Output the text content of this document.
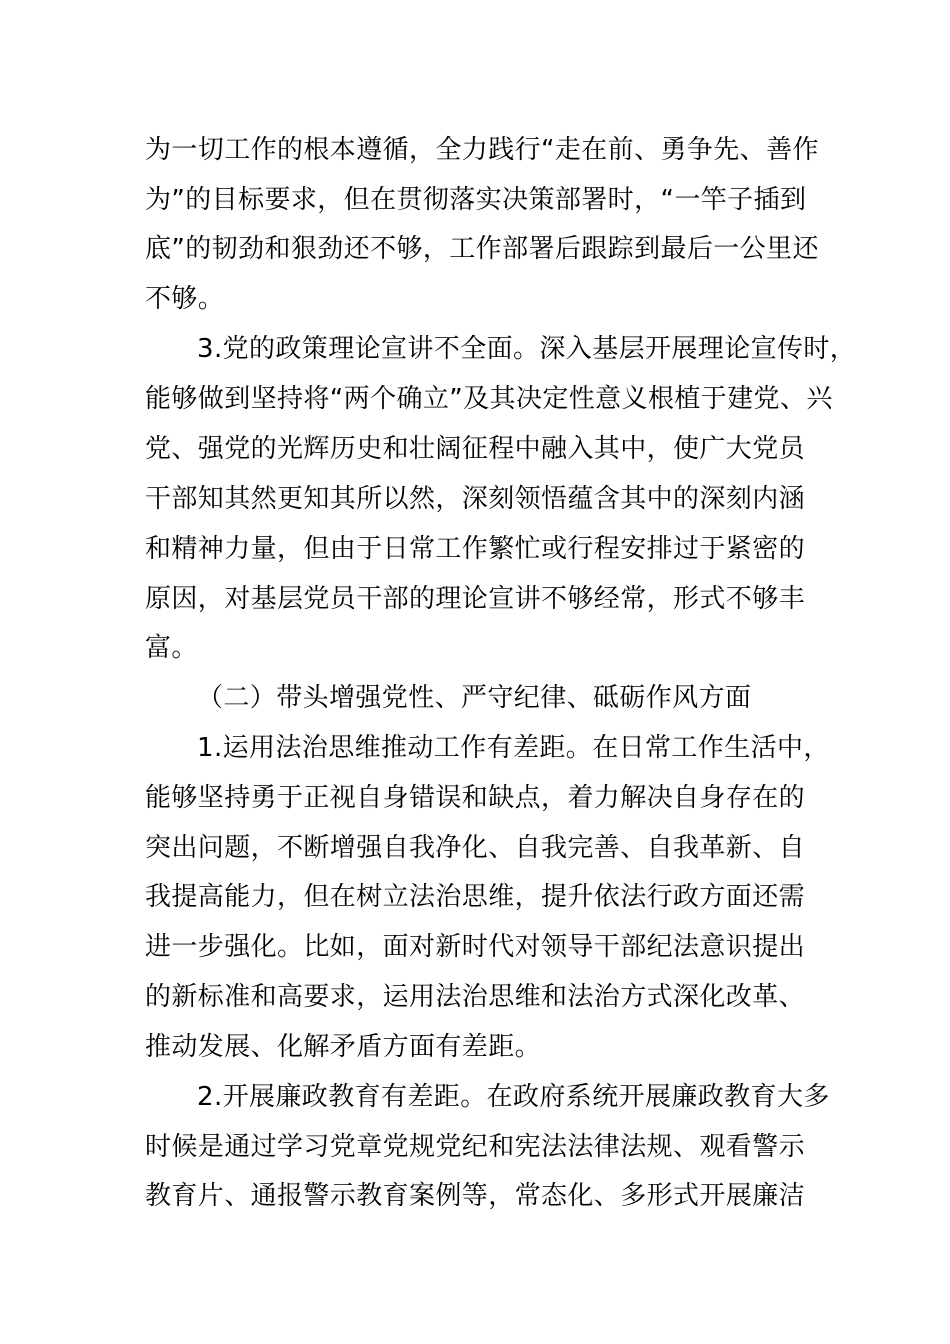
为一切工作的根本遵循，全力践行“走在前、勇争先、善作
为”的目标要求，但在贯彻落实决策部署时，“一竿子插到
底”的韧劲和狠劲还不够，工作部署后跟踪到最后一公里还
不够。
3.党的政策理论宣讲不全面。深入基层开展理论宣传时，
能够做到坚持将“两个确立”及其决定性意义根植于建党、兴
党、强党的光辉历史和壮阔征程中融入其中，使广大党员
干部知其然更知其所以然，深刻领悟蕴含其中的深刻内涵
和精神力量，但由于日常工作繁忙或行程安排过于紧密的
原因，对基层党员干部的理论宣讲不够经常，形式不够丰
富。
（二）带头增强党性、严守纪律、砥砺作风方面
1.运用法治思维推动工作有差距。在日常工作生活中，
能够坚持勇于正视自身错误和缺点，着力解决自身存在的
突出问题，不断增强自我净化、自我完善、自我革新、自
我提高能力，但在树立法治思维，提升依法行政方面还需
进一步强化。比如，面对新时代对领导干部纪法意识提出
的新标准和高要求，运用法治思维和法治方式深化改革、
推动发展、化解矛盾方面有差距。
2.开展廉政教育有差距。在政府系统开展廉政教育大多
时候是通过学习党章党规党纪和宪法法律法规、观看警示
教育片、通报警示教育案例等，常态化、多形式开展廉洁
